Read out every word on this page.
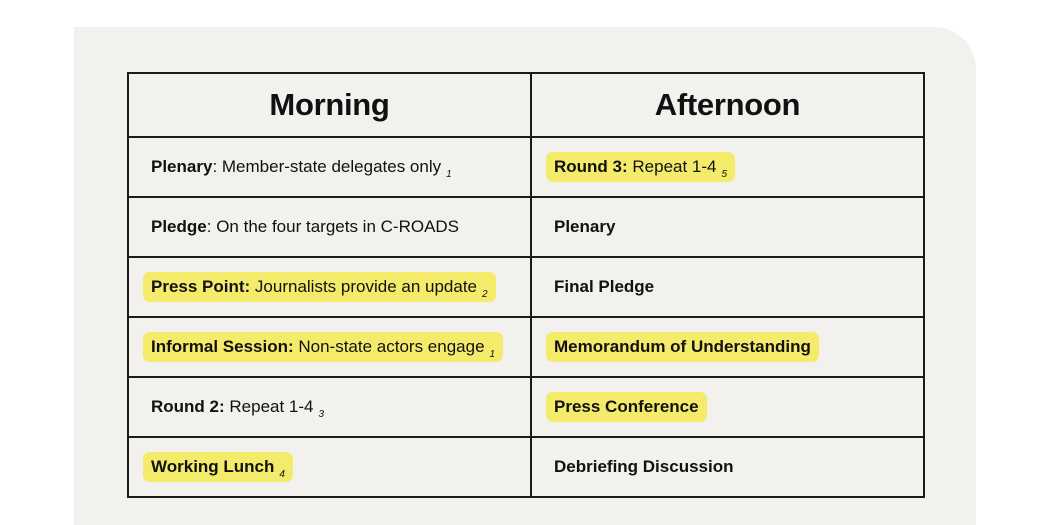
Morning	Afternoon

Plenary : Member-state delegates only 1	Round 3: Repeat 1-4 5

Pledge : On the four targets in C-ROADS	Plenary

Press Point: Journalists provide an update 2	Final Pledge

Informal Session: Non-state actors engage 1	Memorandum of Understanding

Round 2: Repeat 1-4 3	Press Conference

Working Lunch 4	Debriefing Discussion
